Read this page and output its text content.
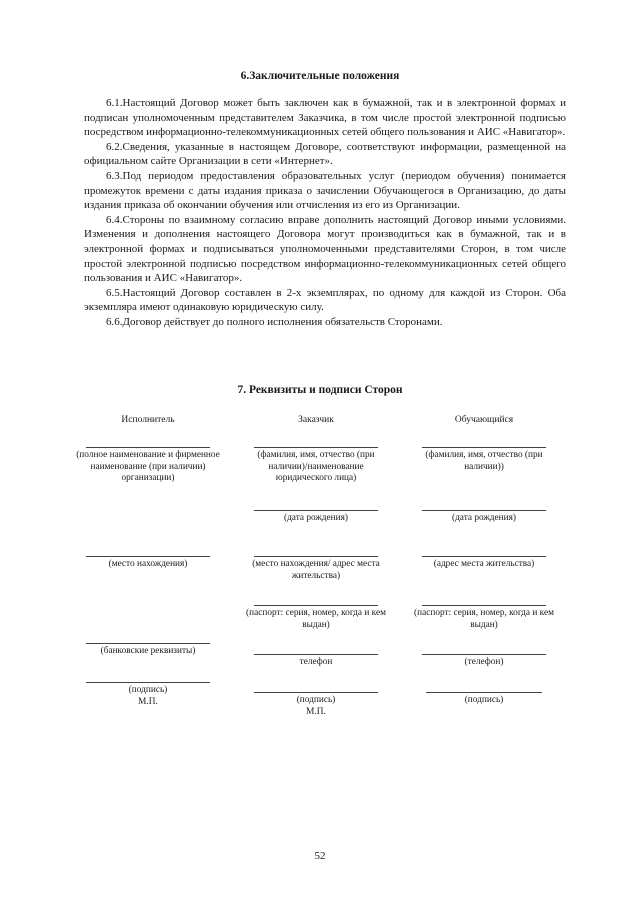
6.Заключительные положения

6.1.Настоящий Договор может быть заключен как в бумажной, так и в электронной формах и подписан уполномоченным представителем Заказчика, в том числе простой электронной подписью посредством информационно-телекоммуникационных сетей общего пользования и АИС «Навигатор».

6.2.Сведения, указанные в настоящем Договоре, соответствуют информации, размещенной на официальном сайте Организации в сети «Интернет».

6.3.Под периодом предоставления образовательных услуг (периодом обучения) понимается промежуток времени с даты издания приказа о зачислении Обучающегося в Организацию, до даты издания приказа об окончании обучения или отчисления из его из Организации.

6.4.Стороны по взаимному согласию вправе дополнить настоящий Договор иными условиями. Изменения и дополнения настоящего Договора могут производиться как в бумажной, так и в электронной формах и подписываться уполномоченными представителями Сторон, в том числе простой электронной подписью посредством информационно-телекоммуникационных сетей общего пользования и АИС «Навигатор».

6.5.Настоящий Договор составлен в 2-х экземплярах, по одному для каждой из Сторон. Оба экземпляра имеют одинаковую юридическую силу.

6.6.Договор действует до полного исполнения обязательств Сторонами.

7. Реквизиты и подписи Сторон
Исполнитель	Заказчик	Обучающийся
(полное наименование и фирменное наименование (при наличии) организации)
(место нахождения)
(банковские реквизиты)
(подпись)
М.П.
(фамилия, имя, отчество (при наличии)/наименование юридического лица)
(дата рождения)
(место нахождения/ адрес места жительства)
(паспорт: серия, номер, когда и кем выдан)
телефон
(подпись)
М.П.
(фамилия, имя, отчество (при наличии))
(дата рождения)
(адрес места жительства)
(паспорт: серия, номер, когда и кем выдан)
(телефон)
(подпись)
52
